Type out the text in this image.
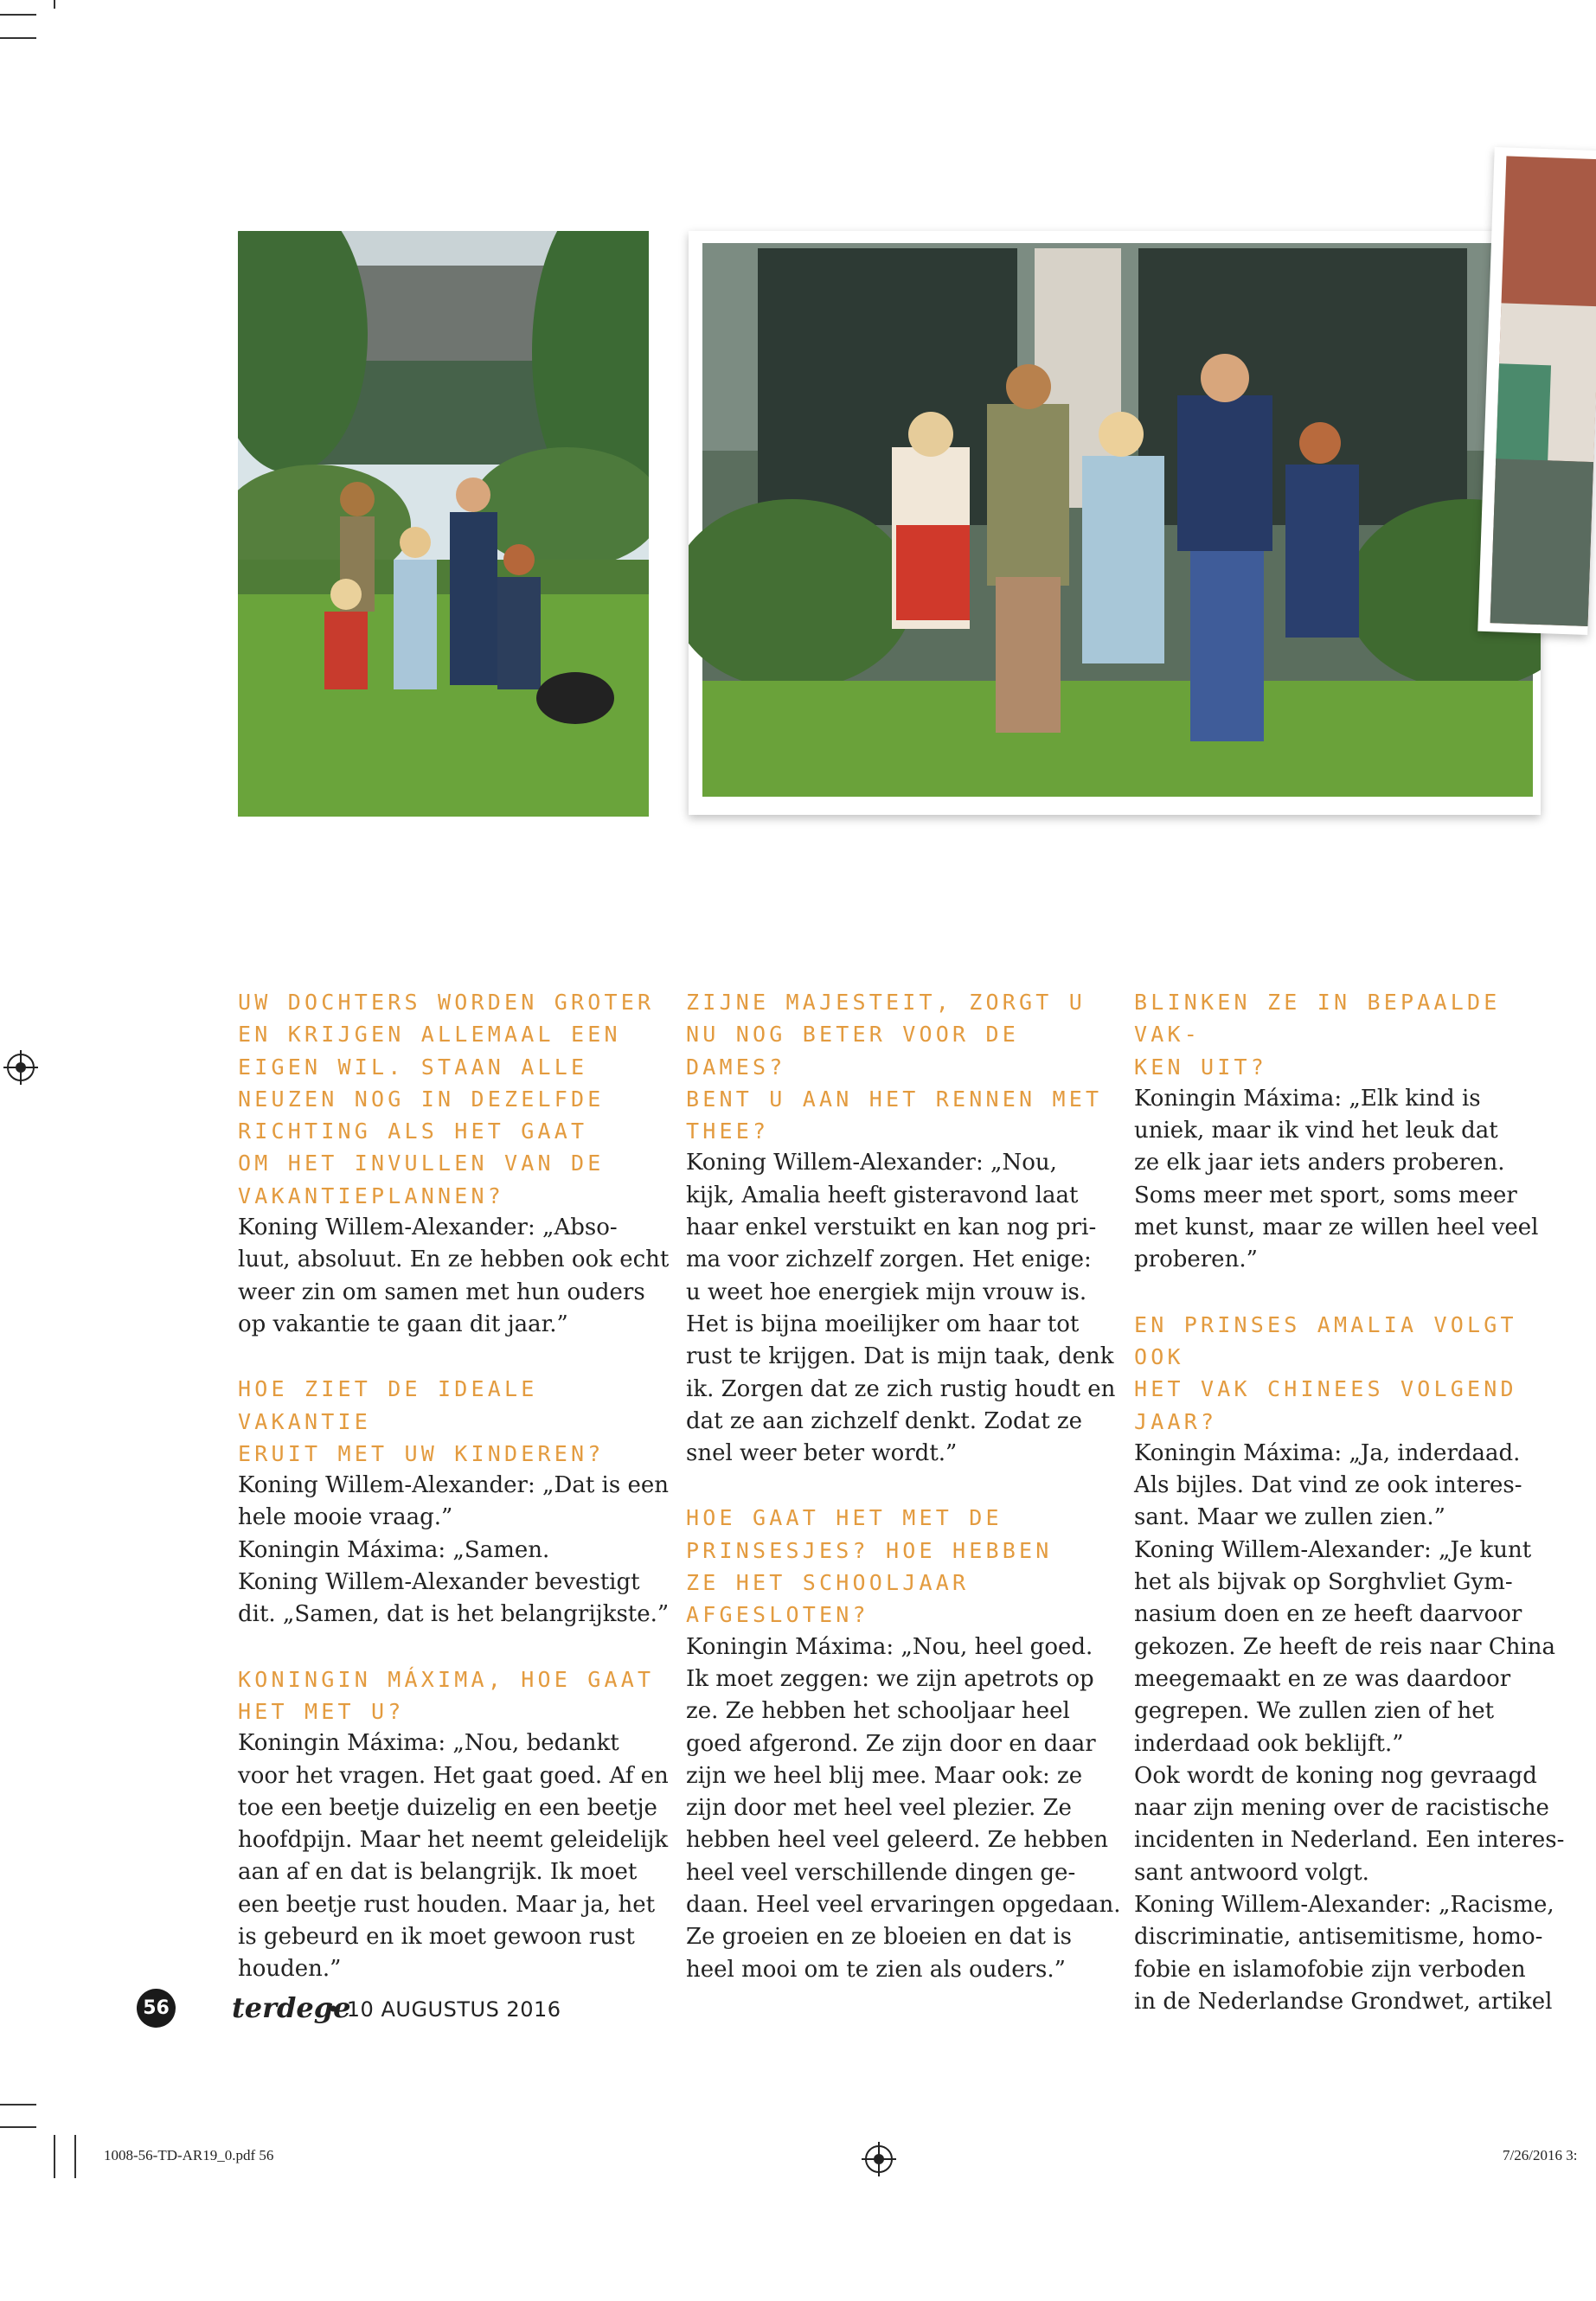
UW DOCHTERS WORDEN GROTER
EN KRIJGEN ALLEMAAL EEN
EIGEN WIL. STAAN ALLE
NEUZEN NOG IN DEZELFDE
RICHTING ALS HET GAAT
OM HET INVULLEN VAN DE
VAKANTIEPLANNEN?

Koning Willem-Alexander: „Abso-
luut, absoluut. En ze hebben ook echt
weer zin om samen met hun ouders
op vakantie te gaan dit jaar.”

HOE ZIET DE IDEALE VAKANTIE
ERUIT MET UW KINDEREN?

Koning Willem-Alexander: „Dat is een
hele mooie vraag.”
Koningin Máxima: „Samen.
Koning Willem-Alexander bevestigt
dit. „Samen, dat is het belangrijkste.”

KONINGIN MÁXIMA, HOE GAAT
HET MET U?

Koningin Máxima: „Nou, bedankt
voor het vragen. Het gaat goed. Af en
toe een beetje duizelig en een beetje
hoofdpijn. Maar het neemt geleidelijk
aan af en dat is belangrijk. Ik moet
een beetje rust houden. Maar ja, het
is gebeurd en ik moet gewoon rust
houden.”

ZIJNE MAJESTEIT, ZORGT U
NU NOG BETER VOOR DE DAMES?
BENT U AAN HET RENNEN MET
THEE?

Koning Willem-Alexander: „Nou,
kijk, Amalia heeft gisteravond laat
haar enkel verstuikt en kan nog pri-
ma voor zichzelf zorgen. Het enige:
u weet hoe energiek mijn vrouw is.
Het is bijna moeilijker om haar tot
rust te krijgen. Dat is mijn taak, denk
ik. Zorgen dat ze zich rustig houdt en
dat ze aan zichzelf denkt. Zodat ze
snel weer beter wordt.”

HOE GAAT HET MET DE
PRINSESJES? HOE HEBBEN
ZE HET SCHOOLJAAR
AFGESLOTEN?

Koningin Máxima: „Nou, heel goed.
Ik moet zeggen: we zijn apetrots op
ze. Ze hebben het schooljaar heel
goed afgerond. Ze zijn door en daar
zijn we heel blij mee. Maar ook: ze
zijn door met heel veel plezier. Ze
hebben heel veel geleerd. Ze hebben
heel veel verschillende dingen ge-
daan. Heel veel ervaringen opgedaan.
Ze groeien en ze bloeien en dat is
heel mooi om te zien als ouders.”

BLINKEN ZE IN BEPAALDE VAK-
KEN UIT?

Koningin Máxima: „Elk kind is
uniek, maar ik vind het leuk dat
ze elk jaar iets anders proberen.
Soms meer met sport, soms meer
met kunst, maar ze willen heel veel
proberen.”

EN PRINSES AMALIA VOLGT OOK
HET VAK CHINEES VOLGEND
JAAR?

Koningin Máxima: „Ja, inderdaad.
Als bijles. Dat vind ze ook interes-
sant. Maar we zullen zien.”
Koning Willem-Alexander: „Je kunt
het als bijvak op Sorghvliet Gym-
nasium doen en ze heeft daarvoor
gekozen. Ze heeft de reis naar China
meegemaakt en ze was daardoor
gegrepen. We zullen zien of het
inderdaad ook beklijft.”
Ook wordt de koning nog gevraagd
naar zijn mening over de racistische
incidenten in Nederland. Een interes-
sant antwoord volgt.
Koning Willem-Alexander: „Racisme,
discriminatie, antisemitisme, homo-
fobie en islamofobie zijn verboden
in de Nederlandse Grondwet, artikel

56 terdege
• 10 AUGUSTUS 2016
1008-56-TD-AR19_0.pdf 56	7/26/2016 3:
